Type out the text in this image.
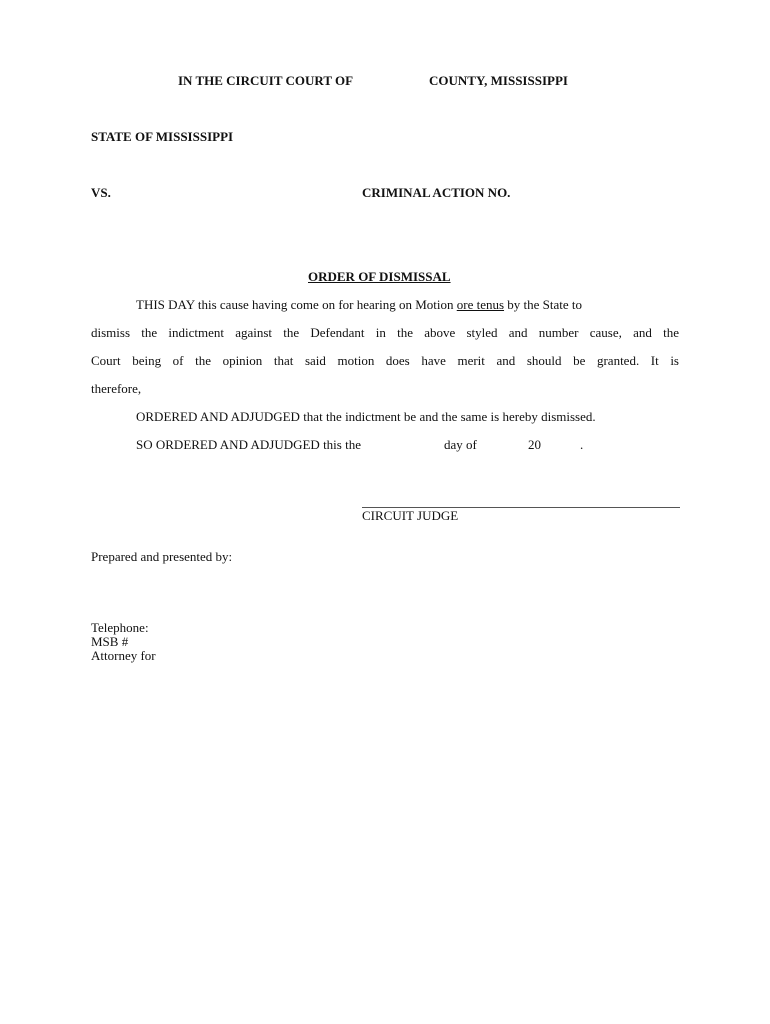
IN THE CIRCUIT COURT OF	COUNTY, MISSISSIPPI
STATE OF MISSISSIPPI
VS.	CRIMINAL ACTION NO.
ORDER OF DISMISSAL
THIS DAY this cause having come on for hearing on Motion ore tenus by the State to
dismiss the indictment against the Defendant in the above styled and number cause, and the
Court being of the opinion that said motion does have merit and should be granted. It is
therefore,
ORDERED AND ADJUDGED that the indictment be and the same is hereby dismissed.
SO ORDERED AND ADJUDGED this the	day of	20	.
CIRCUIT JUDGE
Prepared and presented by:
Telephone:
MSB #
Attorney for
